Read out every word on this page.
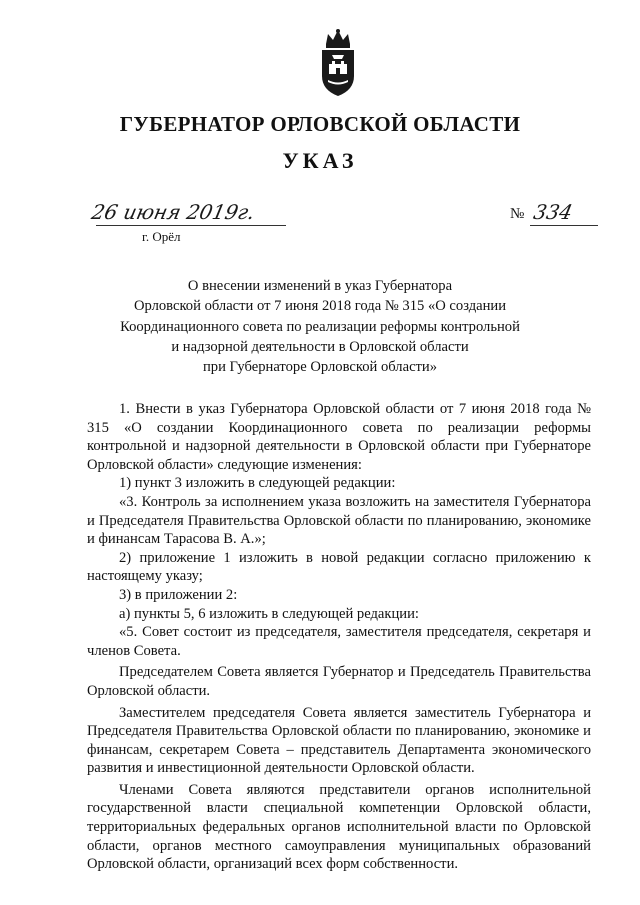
ГУБЕРНАТОР ОРЛОВСКОЙ ОБЛАСТИ
УКАЗ
26 июня 2019г.
г. Орёл
№ 334
О внесении изменений в указ Губернатора
Орловской области от 7 июня 2018 года № 315 «О создании
Координационного совета по реализации реформы контрольной
и надзорной деятельности в Орловской области
при Губернаторе Орловской области»

1. Внести в указ Губернатора Орловской области от 7 июня 2018 года № 315 «О создании Координационного совета по реализации реформы контрольной и надзорной деятельности в Орловской области при Губернаторе Орловской области» следующие изменения:

1) пункт 3 изложить в следующей редакции:

«3. Контроль за исполнением указа возложить на заместителя Губернатора и Председателя Правительства Орловской области по планированию, экономике и финансам Тарасова В. А.»;

2) приложение 1 изложить в новой редакции согласно приложению к настоящему указу;

3) в приложении 2:

а) пункты 5, 6 изложить в следующей редакции:

«5. Совет состоит из председателя, заместителя председателя, секретаря и членов Совета.

Председателем Совета является Губернатор и Председатель Правительства Орловской области.

Заместителем председателя Совета является заместитель Губернатора и Председателя Правительства Орловской области по планированию, экономике и финансам, секретарем Совета – представитель Департамента экономического развития и инвестиционной деятельности Орловской области.

Членами Совета являются представители органов исполнительной государственной власти специальной компетенции Орловской области, территориальных федеральных органов исполнительной власти по Орловской области, органов местного самоуправления муниципальных образований Орловской области, организаций всех форм собственности.
